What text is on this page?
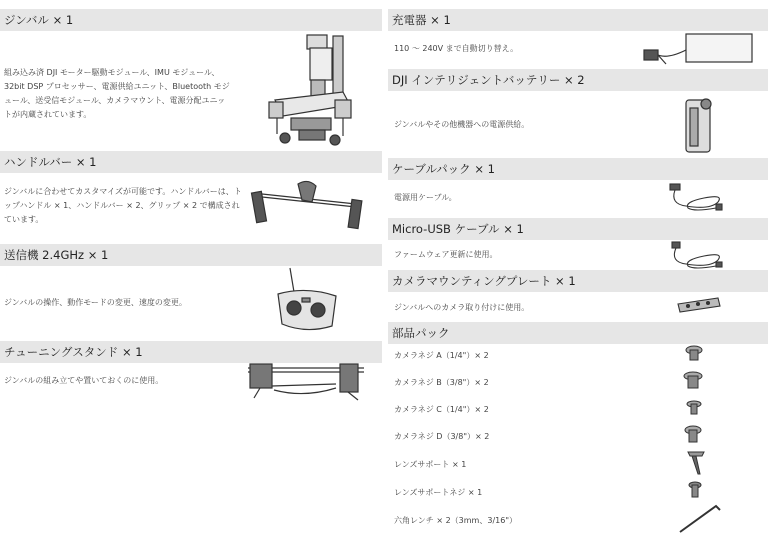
ジンバル × 1
組み込み済 DJI モーター駆動モジュール、IMU モジュール、32bit DSP プロセッサー、電源供給ユニット、Bluetooth モジュール、送受信モジュール、カメラマウント、電源分配ユニットが内蔵されています。
ハンドルバー × 1
ジンバルに合わせてカスタマイズが可能です。ハンドルバーは、トップハンドル × 1、ハンドルバー × 2、グリップ × 2 で構成されています。
送信機 2.4GHz × 1
ジンバルの操作、動作モードの変更、速度の変更。
チューニングスタンド × 1
ジンバルの組み立てや置いておくのに使用。
充電器 × 1
110 ～ 240V まで自動切り替え。
DJI インテリジェントバッテリー × 2
ジンバルやその他機器への電源供給。
ケーブルパック × 1
電源用ケーブル。
Micro-USB ケーブル × 1
ファームウェア更新に使用。
カメラマウンティングプレート × 1
ジンバルへのカメラ取り付けに使用。
部品パック
カメラネジ A（1/4"）× 2
カメラネジ B（3/8"）× 2
カメラネジ C（1/4"）× 2
カメラネジ D（3/8"）× 2
レンズサポート × 1
レンズサポートネジ × 1
六角レンチ × 2（3mm、3/16"）
